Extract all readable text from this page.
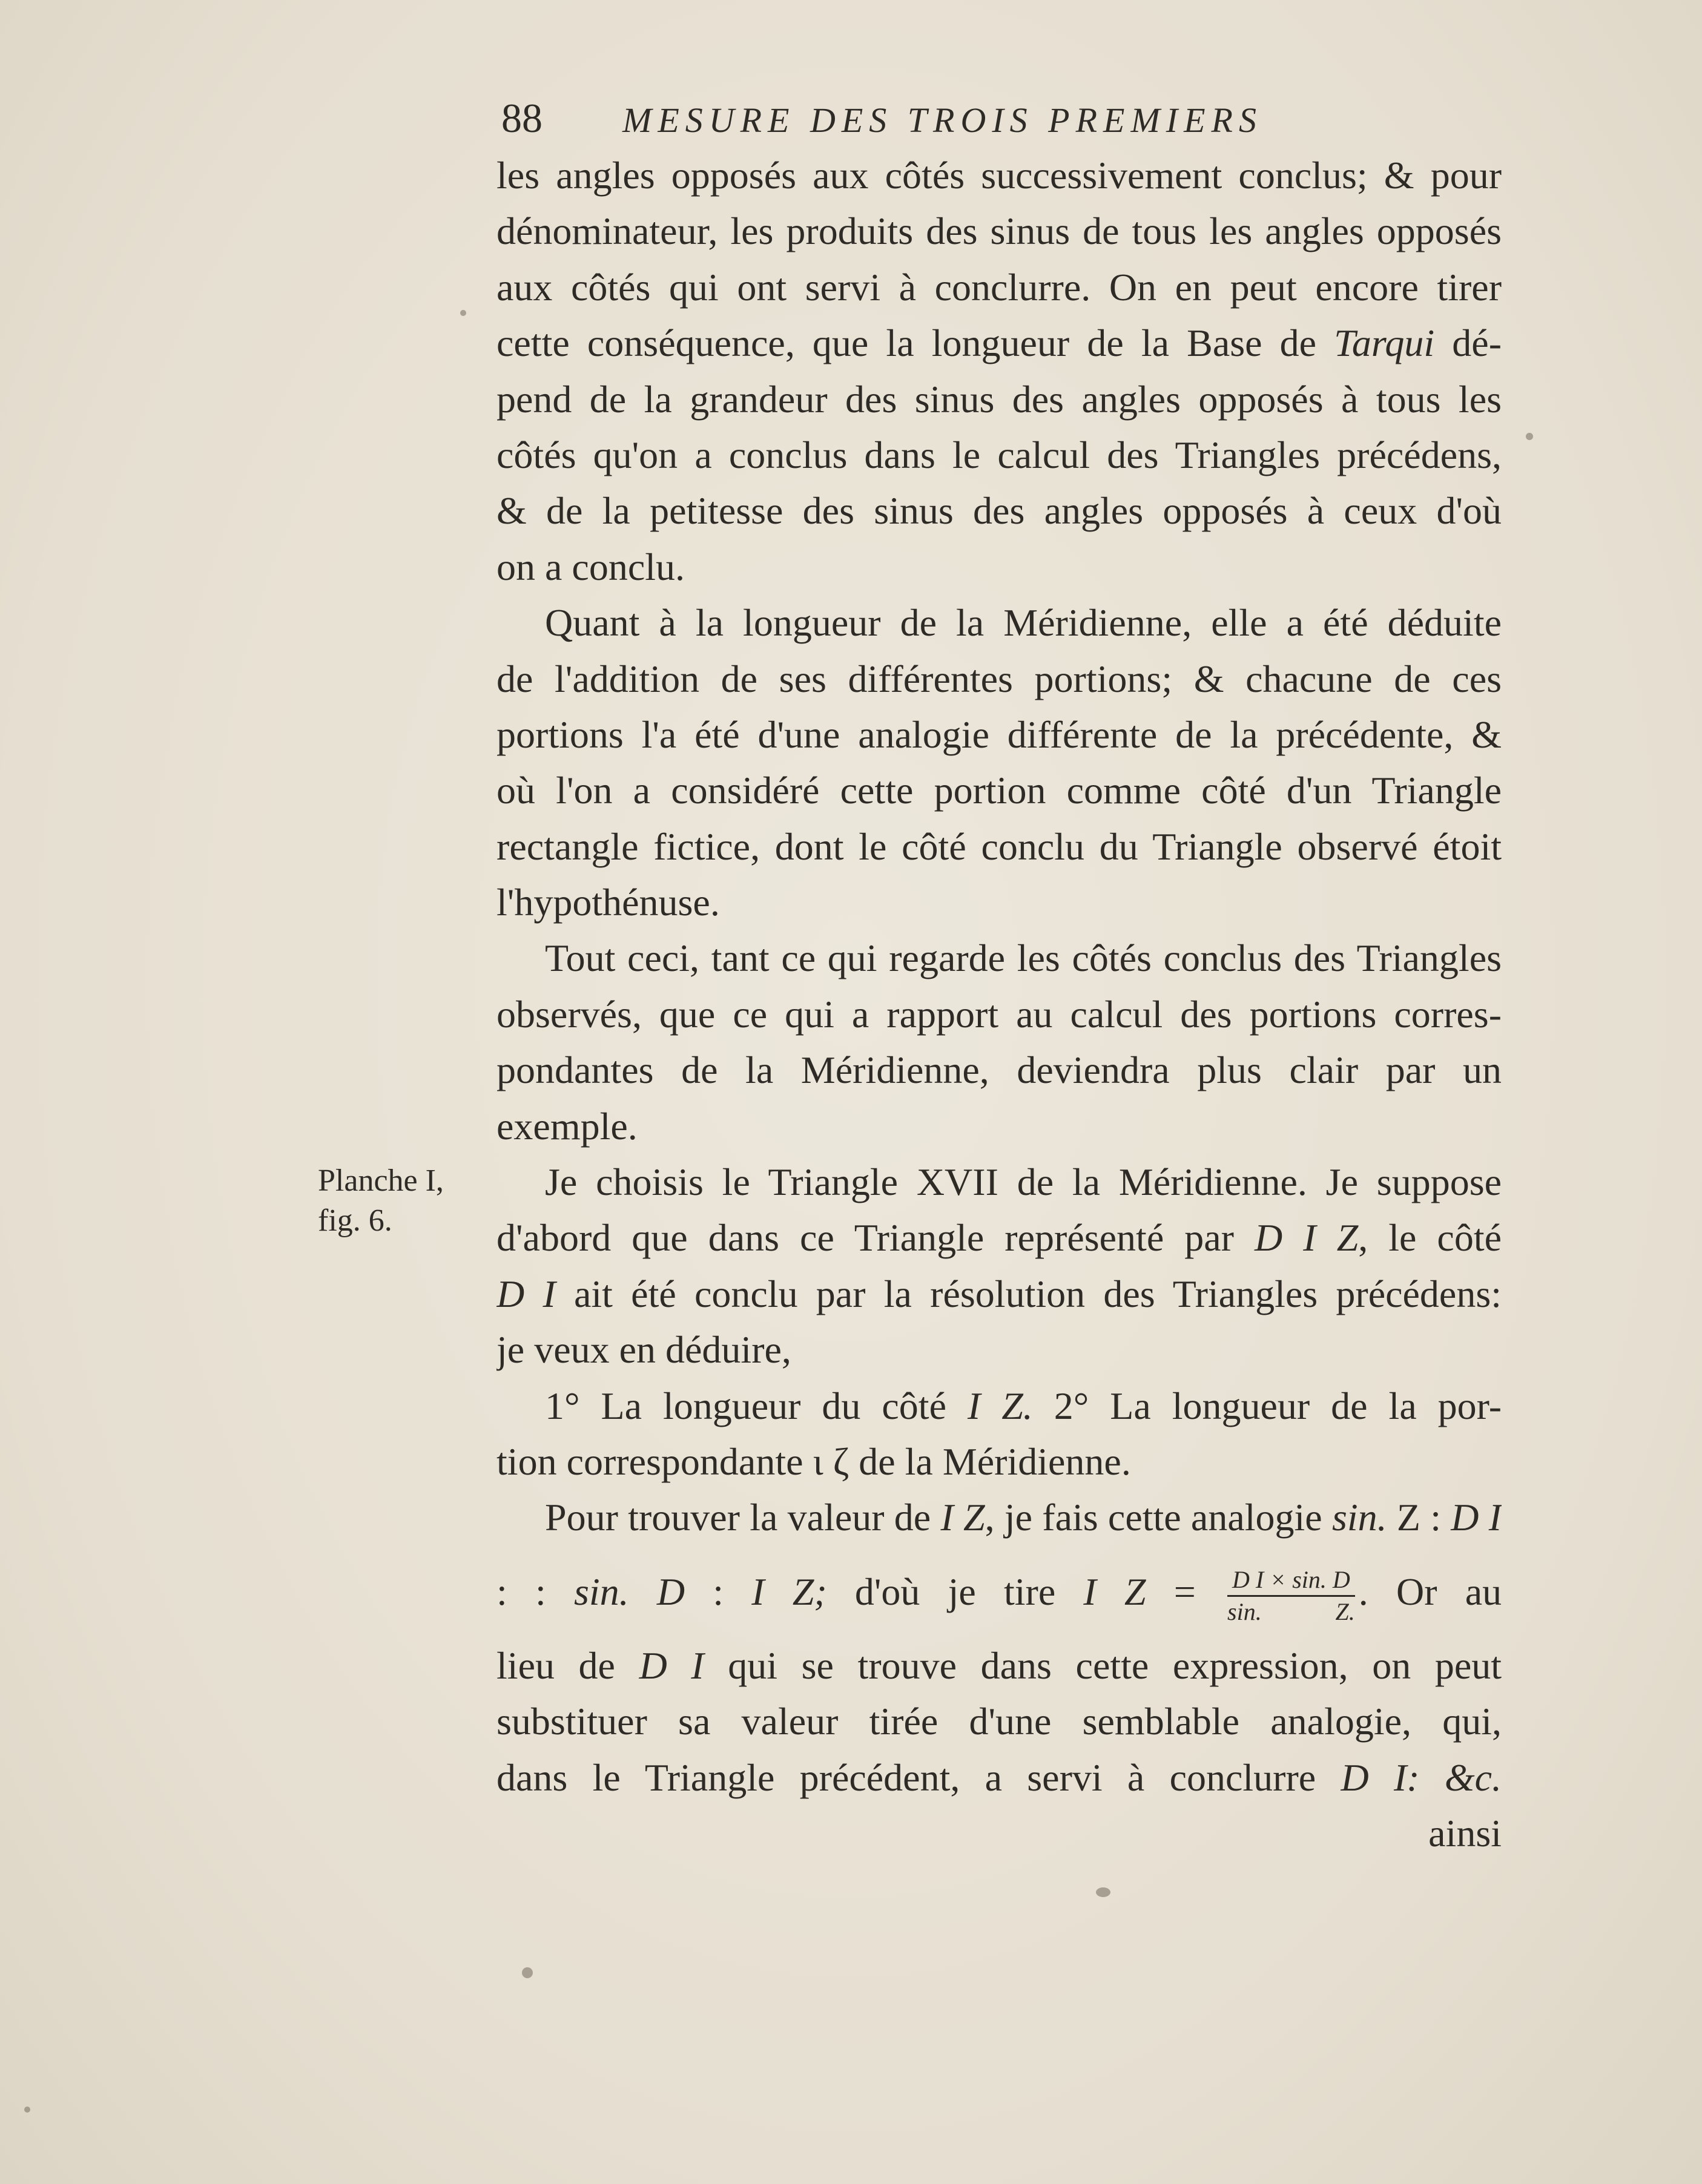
88 MESURE DES TROIS PREMIERS
Planche I,
fig. 6.
les angles opposés aux côtés successivement conclus; & pour
dénominateur, les produits des sinus de tous les angles opposés
aux côtés qui ont servi à conclurre. On en peut encore tirer
cette conséquence, que la longueur de la Base de Tarqui dé-
pend de la grandeur des sinus des angles opposés à tous les
côtés qu'on a conclus dans le calcul des Triangles précédens,
& de la petitesse des sinus des angles opposés à ceux d'où
on a conclu.
Quant à la longueur de la Méridienne, elle a été déduite
de l'addition de ses différentes portions; & chacune de ces
portions l'a été d'une analogie différente de la précédente, &
où l'on a considéré cette portion comme côté d'un Triangle
rectangle fictice, dont le côté conclu du Triangle observé étoit
l'hypothénuse.
Tout ceci, tant ce qui regarde les côtés conclus des Triangles
observés, que ce qui a rapport au calcul des portions corres-
pondantes de la Méridienne, deviendra plus clair par un
exemple.
Je choisis le Triangle XVII de la Méridienne. Je suppose
d'abord que dans ce Triangle représenté par D I Z, le côté
D I ait été conclu par la résolution des Triangles précédens:
je veux en déduire,
1° La longueur du côté I Z. 2° La longueur de la por-
tion correspondante ι ζ de la Méridienne.
Pour trouver la valeur de I Z, je fais cette analogie sin. Z : D I
: : sin. D : I Z; d'où je tire I $Z = \frac{\text{D I × sin. D}}{\sin. Z.}$ . Or au
lieu de D I qui se trouve dans cette expression, on peut
substituer sa valeur tirée d'une semblable analogie, qui,
dans le Triangle précédent, a servi à conclurre D I: &c.
ainsi
